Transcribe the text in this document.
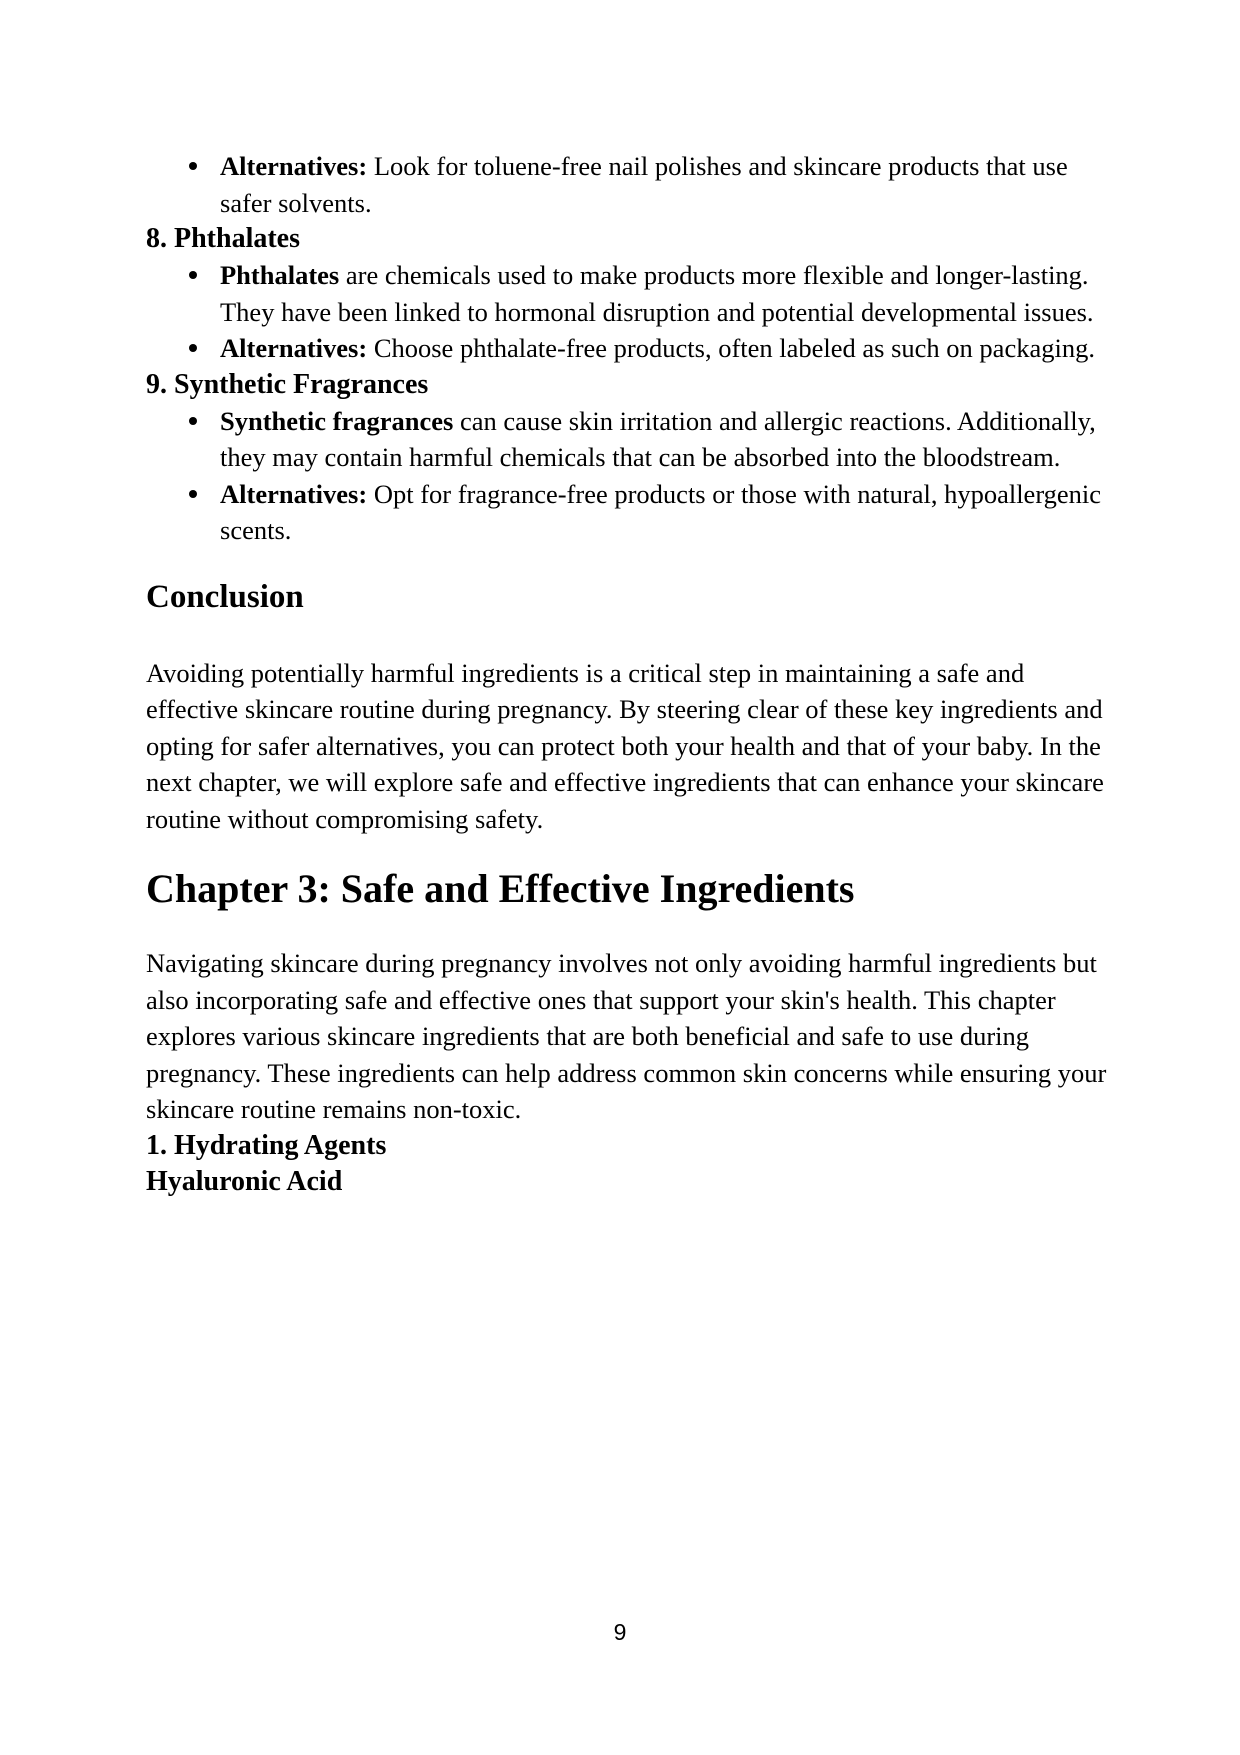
Alternatives: Look for toluene-free nail polishes and skincare products that use safer solvents.
8. Phthalates
Phthalates are chemicals used to make products more flexible and longer-lasting. They have been linked to hormonal disruption and potential developmental issues.
Alternatives: Choose phthalate-free products, often labeled as such on packaging.
9. Synthetic Fragrances
Synthetic fragrances can cause skin irritation and allergic reactions. Additionally, they may contain harmful chemicals that can be absorbed into the bloodstream.
Alternatives: Opt for fragrance-free products or those with natural, hypoallergenic scents.
Conclusion

Avoiding potentially harmful ingredients is a critical step in maintaining a safe and effective skincare routine during pregnancy. By steering clear of these key ingredients and opting for safer alternatives, you can protect both your health and that of your baby. In the next chapter, we will explore safe and effective ingredients that can enhance your skincare routine without compromising safety.

Chapter 3: Safe and Effective Ingredients

Navigating skincare during pregnancy involves not only avoiding harmful ingredients but also incorporating safe and effective ones that support your skin's health. This chapter explores various skincare ingredients that are both beneficial and safe to use during pregnancy. These ingredients can help address common skin concerns while ensuring your skincare routine remains non-toxic.

1. Hydrating Agents
Hyaluronic Acid
9
